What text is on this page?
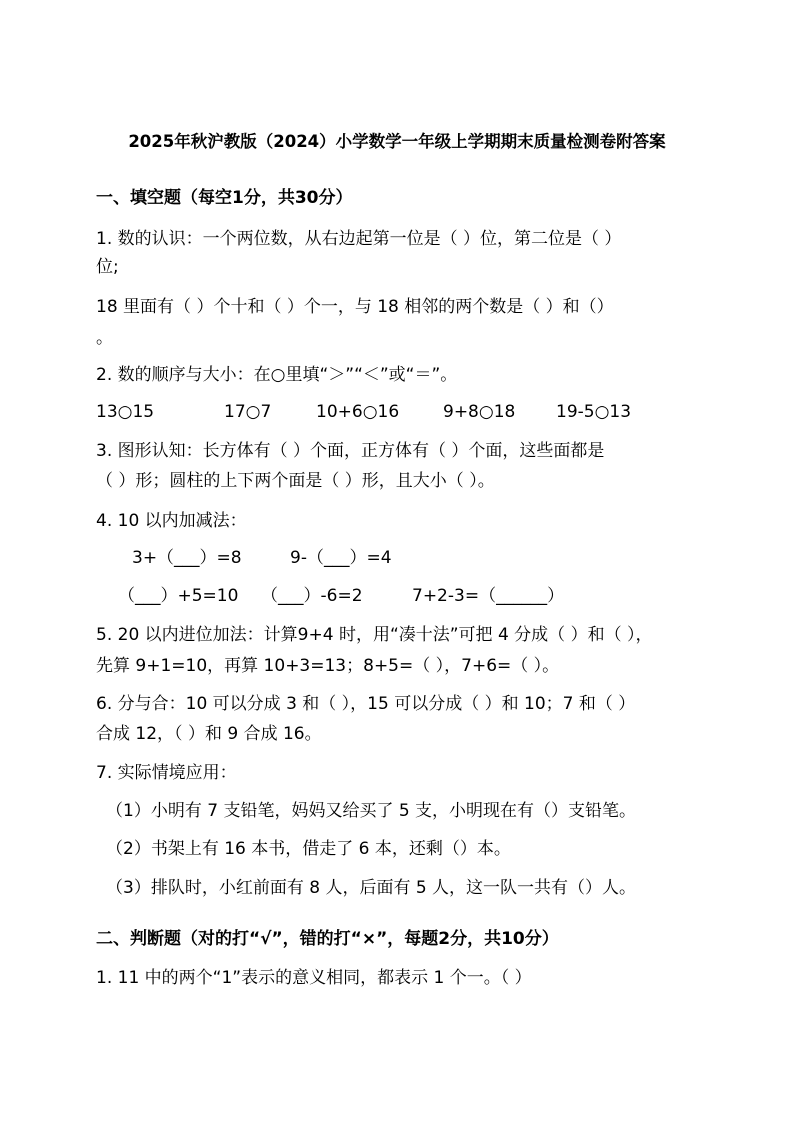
2025年秋沪教版（2024）小学数学一年级上学期期末质量检测卷附答案
一、填空题（每空1分，共30分）
1. 数的认识：一个两位数，从右边起第一位是（ ）位，第二位是（ ）
位;
18 里面有（ ）个十和（ ）个一，与 18 相邻的两个数是（ ）和（）
。
2. 数的顺序与大小：在○里填“＞”“＜”或“＝”。
13○15	17○7	10+6○16	9+8○18 19-5○13
3. 图形认知：长方体有（ ）个面，正方体有（ ）个面，这些面都是
（ ）形；圆柱的上下两个面是（ ）形，且大小（ ）。
4. 10 以内加减法：
3+（___）=8	9-（___）=4
（___）+5=10 （___）-6=2	7+2-3=（______）
5. 20 以内进位加法：计算9+4 时，用“凑十法”可把 4 分成（ ）和（ ），
先算 9+1=10，再算 10+3=13；8+5=（ ），7+6=（ ）。
6. 分与合：10 可以分成 3 和（ ），15 可以分成（ ）和 10；7 和（ ）
合成 12，（ ）和 9 合成 16。
7. 实际情境应用：
（1）小明有 7 支铅笔，妈妈又给买了 5 支，小明现在有（）支铅笔。
（2）书架上有 16 本书，借走了 6 本，还剩（）本。
（3）排队时，小红前面有 8 人，后面有 5 人，这一队一共有（）人。
二、判断题（对的打“√”，错的打“×”，每题2分，共10分）
1. 11 中的两个“1”表示的意义相同，都表示 1 个一。（ ）
